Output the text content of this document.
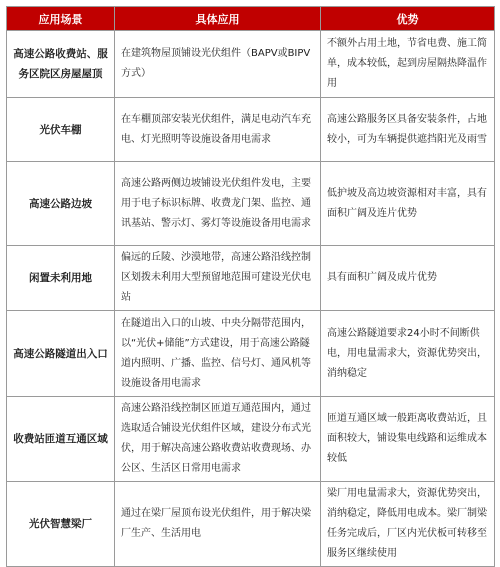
应用场景	具体应用	优势
高速公路收费站、服务区院区房屋屋顶	在建筑物屋顶铺设光伏组件（BAPV或BIPV方式）	不额外占用土地，节省电费、施工简单，成本较低，起到房屋隔热降温作用
光伏车棚	在车棚顶部安装光伏组件，满足电动汽车充电、灯光照明等设施设备用电需求	高速公路服务区具备安装条件，占地较小，可为车辆提供遮挡阳光及雨雪
高速公路边坡	高速公路两侧边坡铺设光伏组件发电，主要用于电子标识标牌、收费龙门架、监控、通讯基站、警示灯、雾灯等设施设备用电需求	低护坡及高边坡资源相对丰富，具有面积广阔及连片优势
闲置未利用地	偏远的丘陵、沙漠地带，高速公路沿线控制区划拨未利用大型预留地范围可建设光伏电站	具有面积广阔及成片优势
高速公路隧道出入口	在隧道出入口的山坡、中央分隔带范围内，以“光伏+储能”方式建设，用于高速公路隧道内照明、广播、监控、信号灯、通风机等设施设备用电需求	高速公路隧道要求24小时不间断供电，用电量需求大，资源优势突出，消纳稳定
收费站匝道互通区域	高速公路沿线控制区匝道互通范围内，通过选取适合铺设光伏组件区域，建设分布式光伏，用于解决高速公路收费站收费现场、办公区、生活区日常用电需求	匝道互通区域一般距离收费站近，且面积较大，铺设集电线路和运维成本较低
光伏智慧梁厂	通过在梁厂屋顶布设光伏组件，用于解决梁厂生产、生活用电	梁厂用电量需求大，资源优势突出，消纳稳定，降低用电成本。梁厂制梁任务完成后，厂区内光伏板可转移至服务区继续使用
